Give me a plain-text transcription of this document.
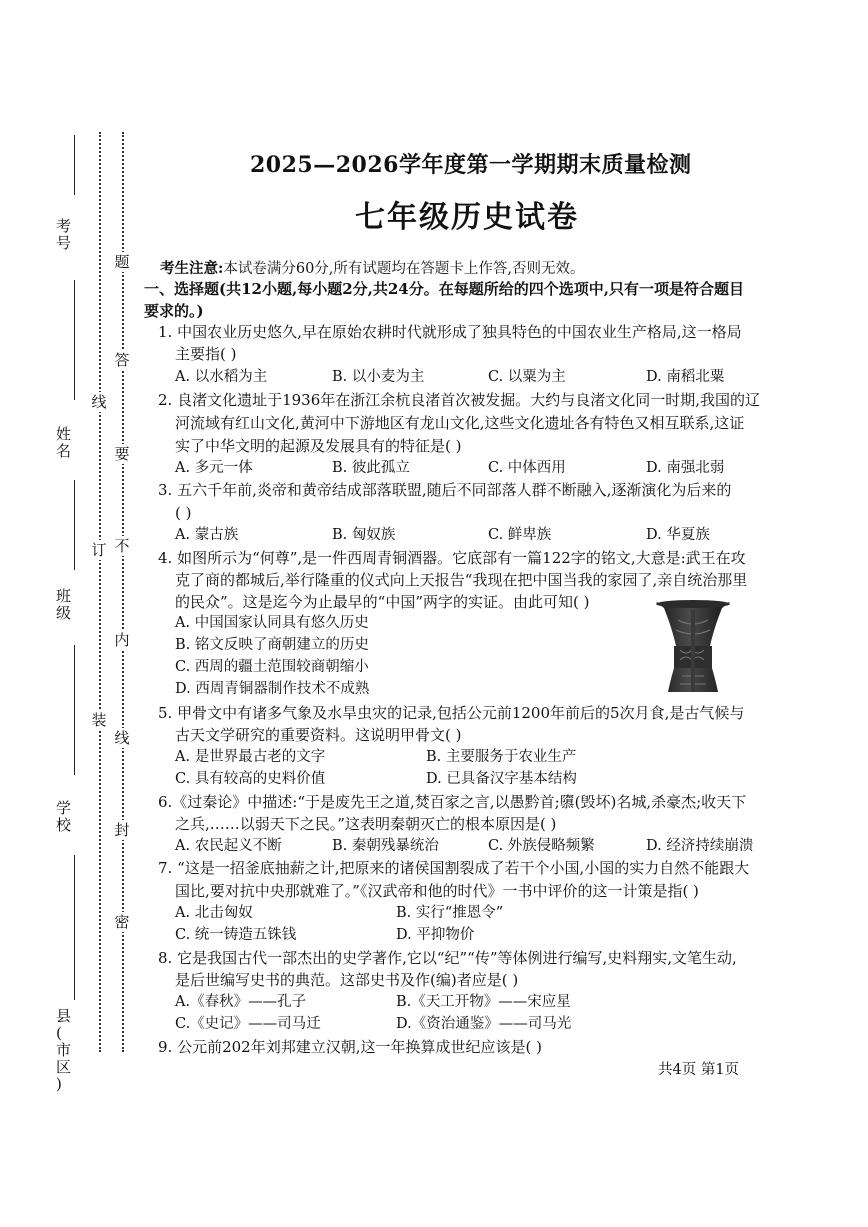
考
号
姓
名
班
级
学
校
县
(
市
区
)
线
订
装
题
答
要
不
内
线
封
密
2025—2026学年度第一学期期末质量检测
七年级历史试卷
考生注意:本试卷满分60分,所有试题均在答题卡上作答,否则无效。
一、选择题(共12小题,每小题2分,共24分。在每题所给的四个选项中,只有一项是符合题目
要求的。)
1. 中国农业历史悠久,早在原始农耕时代就形成了独具特色的中国农业生产格局,这一格局
主要指( )
A. 以水稻为主	B. 以小麦为主	C. 以粟为主	D. 南稻北粟
2. 良渚文化遗址于1936年在浙江余杭良渚首次被发掘。大约与良渚文化同一时期,我国的辽
河流域有红山文化,黄河中下游地区有龙山文化,这些文化遗址各有特色又相互联系,这证
实了中华文明的起源及发展具有的特征是( )
A. 多元一体	B. 彼此孤立	C. 中体西用	D. 南强北弱
3. 五六千年前,炎帝和黄帝结成部落联盟,随后不同部落人群不断融入,逐渐演化为后来的
( )
A. 蒙古族	B. 匈奴族	C. 鲜卑族	D. 华夏族
4. 如图所示为“何尊”,是一件西周青铜酒器。它底部有一篇122字的铭文,大意是:武王在攻
克了商的都城后,举行隆重的仪式向上天报告“我现在把中国当我的家园了,亲自统治那里
的民众”。这是迄今为止最早的“中国”两字的实证。由此可知( )
A. 中国国家认同具有悠久历史
B. 铭文反映了商朝建立的历史
C. 西周的疆土范围较商朝缩小
D. 西周青铜器制作技术不成熟
5. 甲骨文中有诸多气象及水旱虫灾的记录,包括公元前1200年前后的5次月食,是古气候与
古天文学研究的重要资料。这说明甲骨文( )
A. 是世界最古老的文字	B. 主要服务于农业生产
C. 具有较高的史料价值	D. 已具备汉字基本结构
6.《过秦论》中描述:“于是废先王之道,焚百家之言,以愚黔首;隳(毁坏)名城,杀豪杰;收天下
之兵,……以弱天下之民。”这表明秦朝灭亡的根本原因是( )
A. 农民起义不断	B. 秦朝残暴统治	C. 外族侵略频繁	D. 经济持续崩溃
7. “这是一招釜底抽薪之计,把原来的诸侯国割裂成了若干个小国,小国的实力自然不能跟大
国比,要对抗中央那就难了。”《汉武帝和他的时代》一书中评价的这一计策是指( )
A. 北击匈奴	B. 实行“推恩令”
C. 统一铸造五铢钱	D. 平抑物价
8. 它是我国古代一部杰出的史学著作,它以“纪”“传”等体例进行编写,史料翔实,文笔生动,
是后世编写史书的典范。这部史书及作(编)者应是( )
A.《春秋》——孔子	B.《天工开物》——宋应星
C.《史记》——司马迁	D.《资治通鉴》——司马光
9. 公元前202年刘邦建立汉朝,这一年换算成世纪应该是( )
共4页 第1页
